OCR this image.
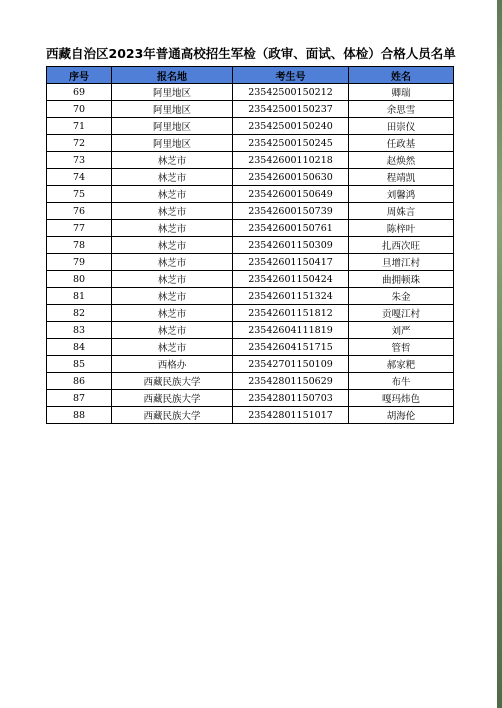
西藏自治区2023年普通高校招生军检（政审、面试、体检）合格人员名单
序号	报名地	考生号	姓名
69	阿里地区	23542500150212	卿瑞
70	阿里地区	23542500150237	余思雪
71	阿里地区	23542500150240	田崇仪
72	阿里地区	23542500150245	任政基
73	林芝市	23542600110218	赵焕然
74	林芝市	23542600150630	程靖凯
75	林芝市	23542600150649	刘馨鸿
76	林芝市	23542600150739	周姝言
77	林芝市	23542600150761	陈梓叶
78	林芝市	23542601150309	扎西次旺
79	林芝市	23542601150417	旦增江村
80	林芝市	23542601150424	曲拥顿珠
81	林芝市	23542601151324	朱金
82	林芝市	23542601151812	贡嘎江村
83	林芝市	23542604111819	刘严
84	林芝市	23542604151715	管哲
85	西格办	23542701150109	郝家粑
86	西藏民族大学	23542801150629	布牛
87	西藏民族大学	23542801150703	嘎玛炜色
88	西藏民族大学	23542801151017	胡海伦
